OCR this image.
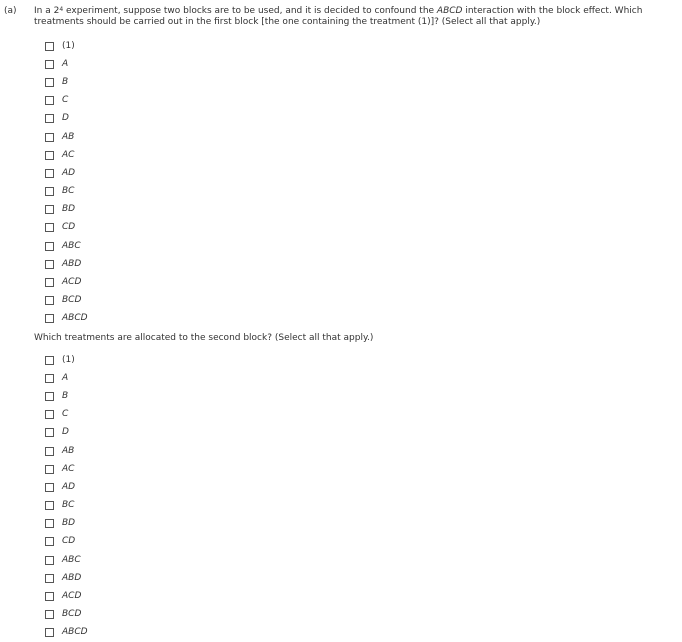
(a) In a $2^4$ experiment, suppose two blocks are to be used, and it is decided to confound the ABCD interaction with the block effect. Which treatments should be carried out in the first block [the one containing the treatment (1)]? (Select all that apply.)
(1)
A
B
C
D
AB
AC
AD
BC
BD
CD
ABC
ABD
ACD
BCD
ABCD
Which treatments are allocated to the second block? (Select all that apply.)
(1)
A
B
C
D
AB
AC
AD
BC
BD
CD
ABC
ABD
ACD
BCD
ABCD
